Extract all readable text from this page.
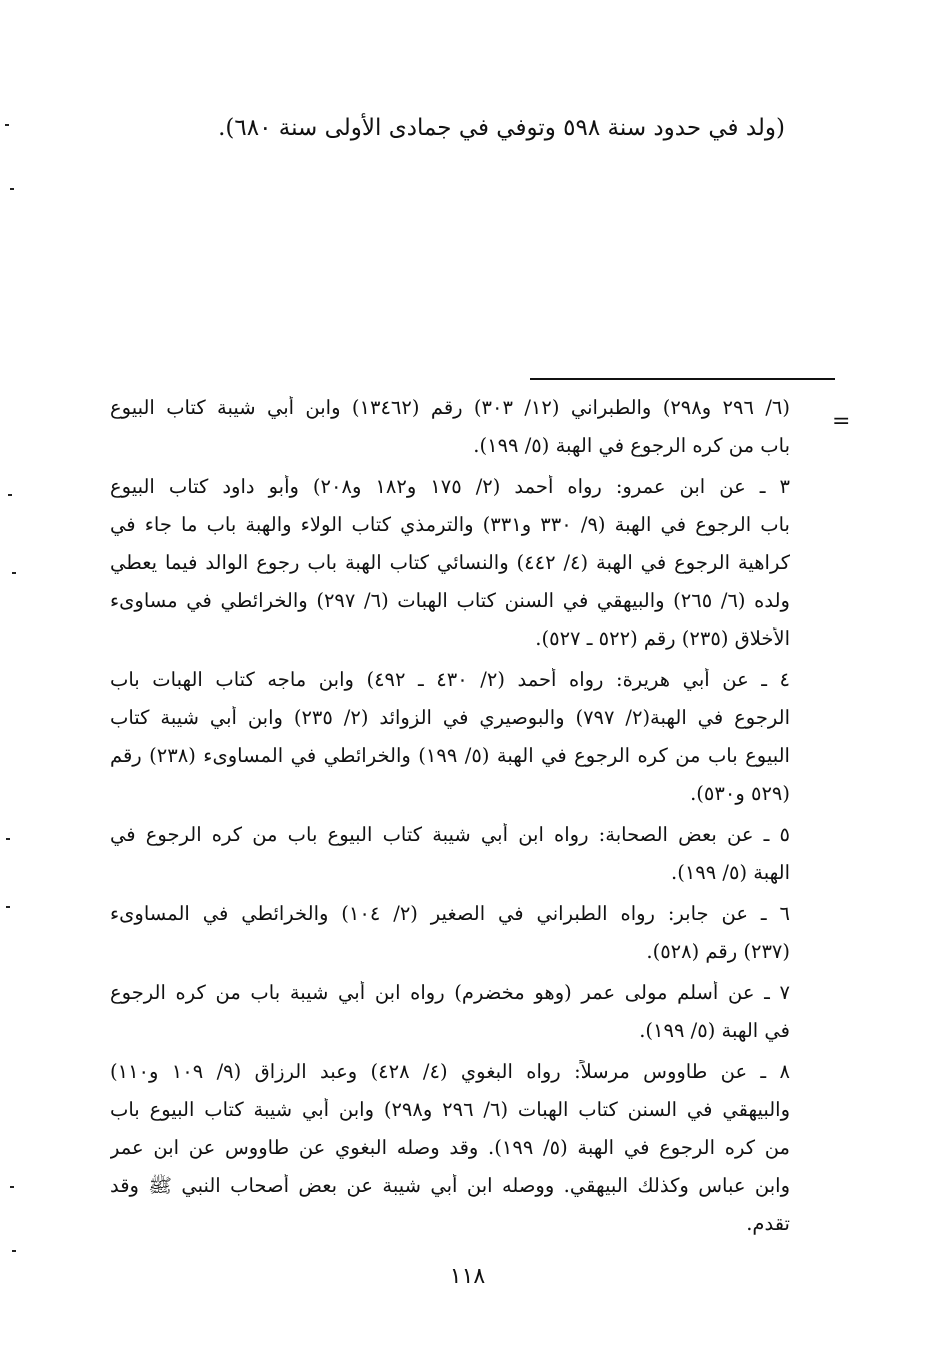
(ولد في حدود سنة ٥٩٨ وتوفي في جمادى الأولى سنة ٦٨٠).
=
(٦/ ٢٩٦ و٢٩٨) والطبراني (١٢/ ٣٠٣) رقم (١٣٤٦٢) وابن أبي شيبة كتاب البيوع
باب من كره الرجوع في الهبة (٥/ ١٩٩).
٣ ـ عن ابن عمرو: رواه أحمد (٢/ ١٧٥ و١٨٢ و٢٠٨) وأبو داود كتاب البيوع
باب الرجوع في الهبة (٩/ ٣٣٠ و٣٣١) والترمذي كتاب الولاء والهبة باب ما جاء في
كراهية الرجوع في الهبة (٤/ ٤٤٢) والنسائي كتاب الهبة باب رجوع الوالد فيما يعطي
ولده (٦/ ٢٦٥) والبيهقي في السنن كتاب الهبات (٦/ ٢٩٧) والخرائطي في مساوىء
الأخلاق (٢٣٥) رقم (٥٢٢ ـ ٥٢٧).
٤ ـ عن أبي هريرة: رواه أحمد (٢/ ٤٣٠ ـ ٤٩٢) وابن ماجه كتاب الهبات باب
الرجوع في الهبة(٢/ ٧٩٧) والبوصيري في الزوائد (٢/ ٢٣٥) وابن أبي شيبة كتاب
البيوع باب من كره الرجوع في الهبة (٥/ ١٩٩) والخرائطي في المساوىء (٢٣٨) رقم
(٥٢٩ و٥٣٠).
٥ ـ عن بعض الصحابة: رواه ابن أبي شيبة كتاب البيوع باب من كره الرجوع في
الهبة (٥/ ١٩٩).
٦ ـ عن جابر: رواه الطبراني في الصغير (٢/ ١٠٤) والخرائطي في المساوىء
(٢٣٧) رقم (٥٢٨).
٧ ـ عن أسلم مولى عمر (وهو مخضرم) رواه ابن أبي شيبة باب من كره الرجوع
في الهبة (٥/ ١٩٩).
٨ ـ عن طاووس مرسلاً: رواه البغوي (٤/ ٤٢٨) وعبد الرزاق (٩/ ١٠٩ و١١٠)
والبيهقي في السنن كتاب الهبات (٦/ ٢٩٦ و٢٩٨) وابن أبي شيبة كتاب البيوع باب
من كره الرجوع في الهبة (٥/ ١٩٩). وقد وصله البغوي عن طاووس عن ابن عمر
وابن عباس وكذلك البيهقي. ووصله ابن أبي شيبة عن بعض أصحاب النبي ﷺ وقد
تقدم.
١١٨
